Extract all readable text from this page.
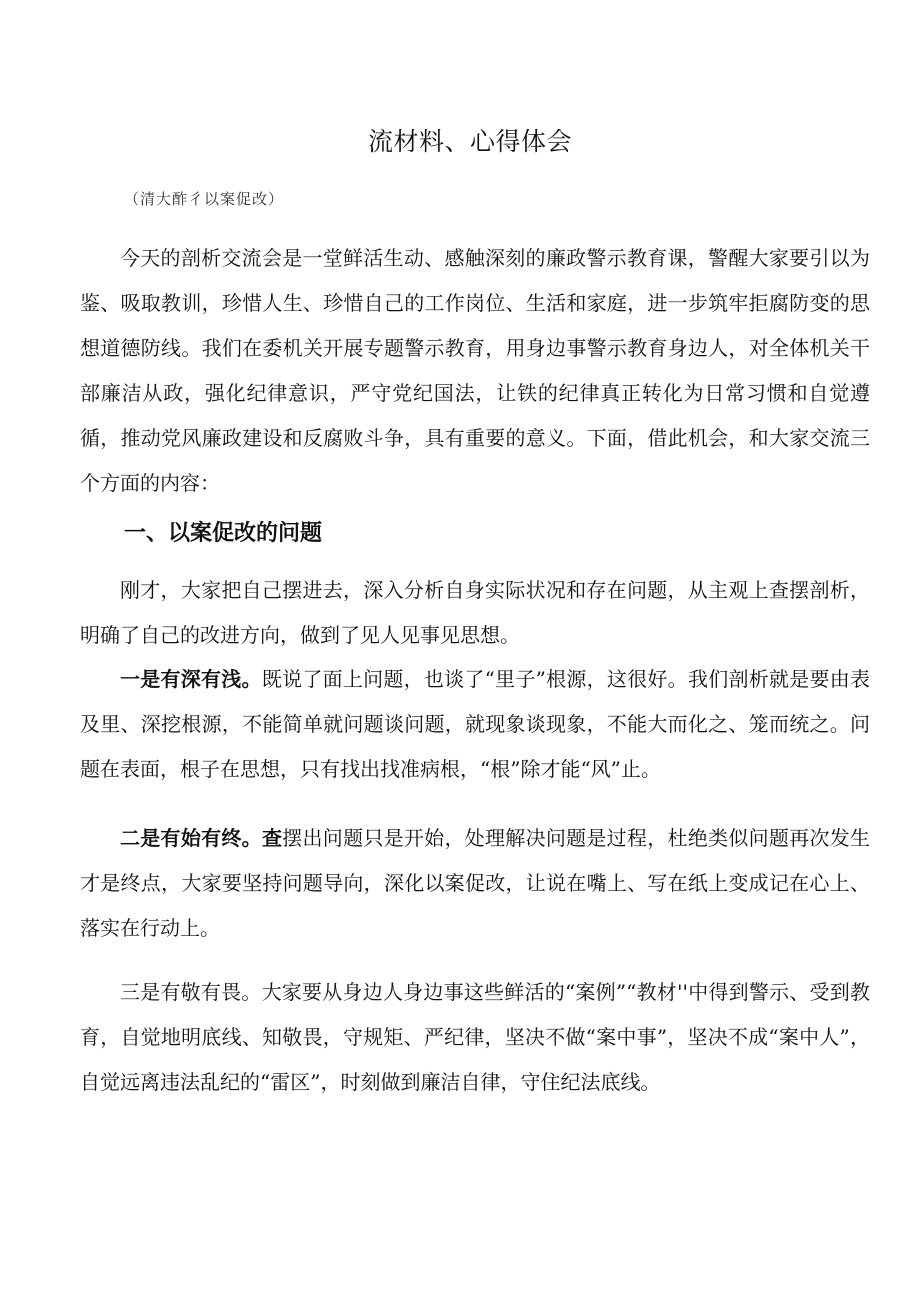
流材料、心得体会
（清大酢彳以案促改）

今天的剖析交流会是一堂鲜活生动、感触深刻的廉政警示教育课，警醒大家要引以为鉴、吸取教训，珍惜人生、珍惜自己的工作岗位、生活和家庭，进一步筑牢拒腐防变的思想道德防线。我们在委机关开展专题警示教育，用身边事警示教育身边人，对全体机关干部廉洁从政，强化纪律意识，严守党纪国法，让铁的纪律真正转化为日常习惯和自觉遵循，推动党风廉政建设和反腐败斗争，具有重要的意义。下面，借此机会，和大家交流三个方面的内容：

一、以案促改的问题

刚才，大家把自己摆进去，深入分析自身实际状况和存在问题，从主观上查摆剖析，明确了自己的改进方向，做到了见人见事见思想。

一是有深有浅。既说了面上问题，也谈了“里子”根源，这很好。我们剖析就是要由表及里、深挖根源，不能简单就问题谈问题，就现象谈现象，不能大而化之、笼而统之。问题在表面，根子在思想，只有找出找准病根，“根”除才能“风”止。

二是有始有终。查摆出问题只是开始，处理解决问题是过程，杜绝类似问题再次发生才是终点，大家要坚持问题导向，深化以案促改，让说在嘴上、写在纸上变成记在心上、落实在行动上。

三是有敬有畏。大家要从身边人身边事这些鲜活的“案例”“教材''中得到警示、受到教育，自觉地明底线、知敬畏，守规矩、严纪律，坚决不做“案中事”，坚决不成“案中人”，自觉远离违法乱纪的“雷区”，时刻做到廉洁自律，守住纪法底线。
